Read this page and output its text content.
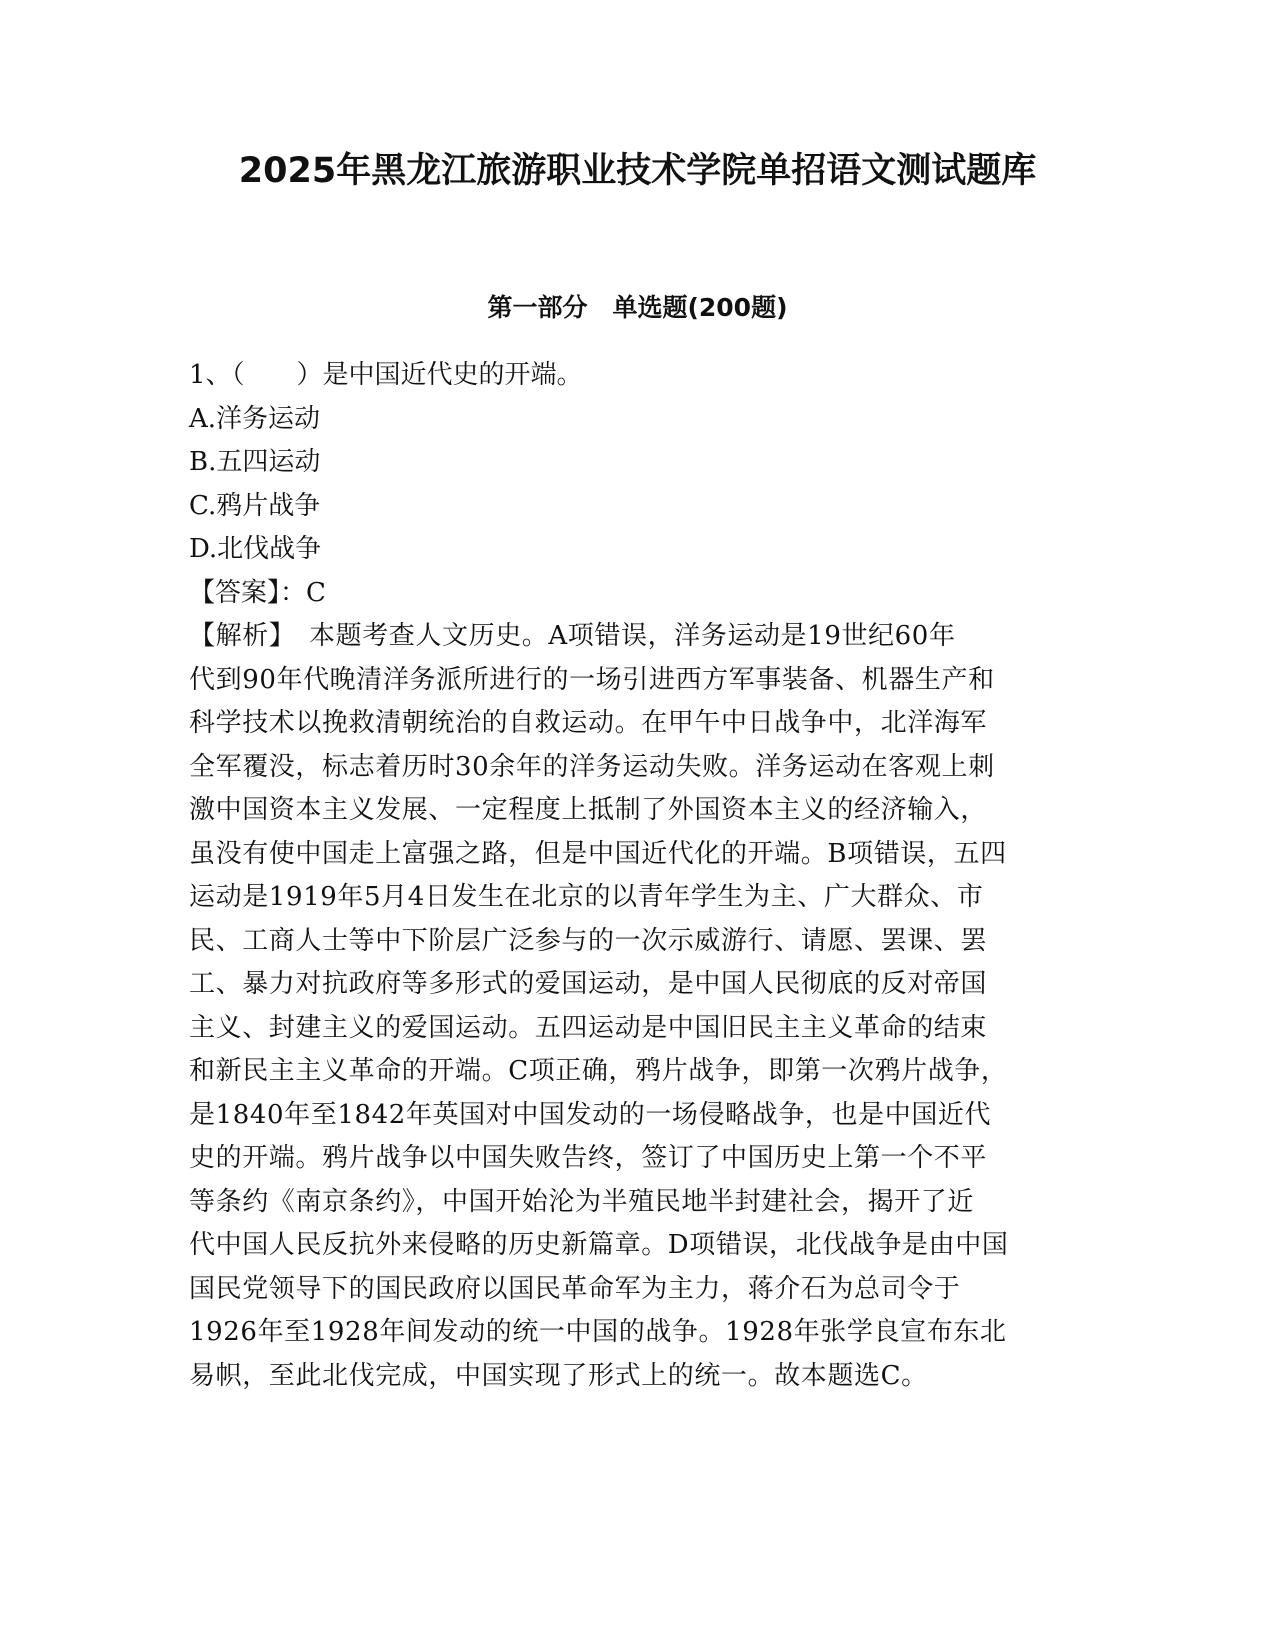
2025年黑龙江旅游职业技术学院单招语文测试题库
第一部分　单选题(200题)
1、（　　）是中国近代史的开端。
A.洋务运动
B.五四运动
C.鸦片战争
D.北伐战争
【答案】：C
【解析】　本题考查人文历史。A项错误，洋务运动是19世纪60年
代到90年代晚清洋务派所进行的一场引进西方军事装备、机器生产和
科学技术以挽救清朝统治的自救运动。在甲午中日战争中，北洋海军
全军覆没，标志着历时30余年的洋务运动失败。洋务运动在客观上刺
激中国资本主义发展、一定程度上抵制了外国资本主义的经济输入，
虽没有使中国走上富强之路，但是中国近代化的开端。B项错误，五四
运动是1919年5月4日发生在北京的以青年学生为主、广大群众、市
民、工商人士等中下阶层广泛参与的一次示威游行、请愿、罢课、罢
工、暴力对抗政府等多形式的爱国运动，是中国人民彻底的反对帝国
主义、封建主义的爱国运动。五四运动是中国旧民主主义革命的结束
和新民主主义革命的开端。C项正确，鸦片战争，即第一次鸦片战争，
是1840年至1842年英国对中国发动的一场侵略战争，也是中国近代
史的开端。鸦片战争以中国失败告终，签订了中国历史上第一个不平
等条约《南京条约》，中国开始沦为半殖民地半封建社会，揭开了近
代中国人民反抗外来侵略的历史新篇章。D项错误，北伐战争是由中国
国民党领导下的国民政府以国民革命军为主力，蒋介石为总司令于
1926年至1928年间发动的统一中国的战争。1928年张学良宣布东北
易帜，至此北伐完成，中国实现了形式上的统一。故本题选C。
